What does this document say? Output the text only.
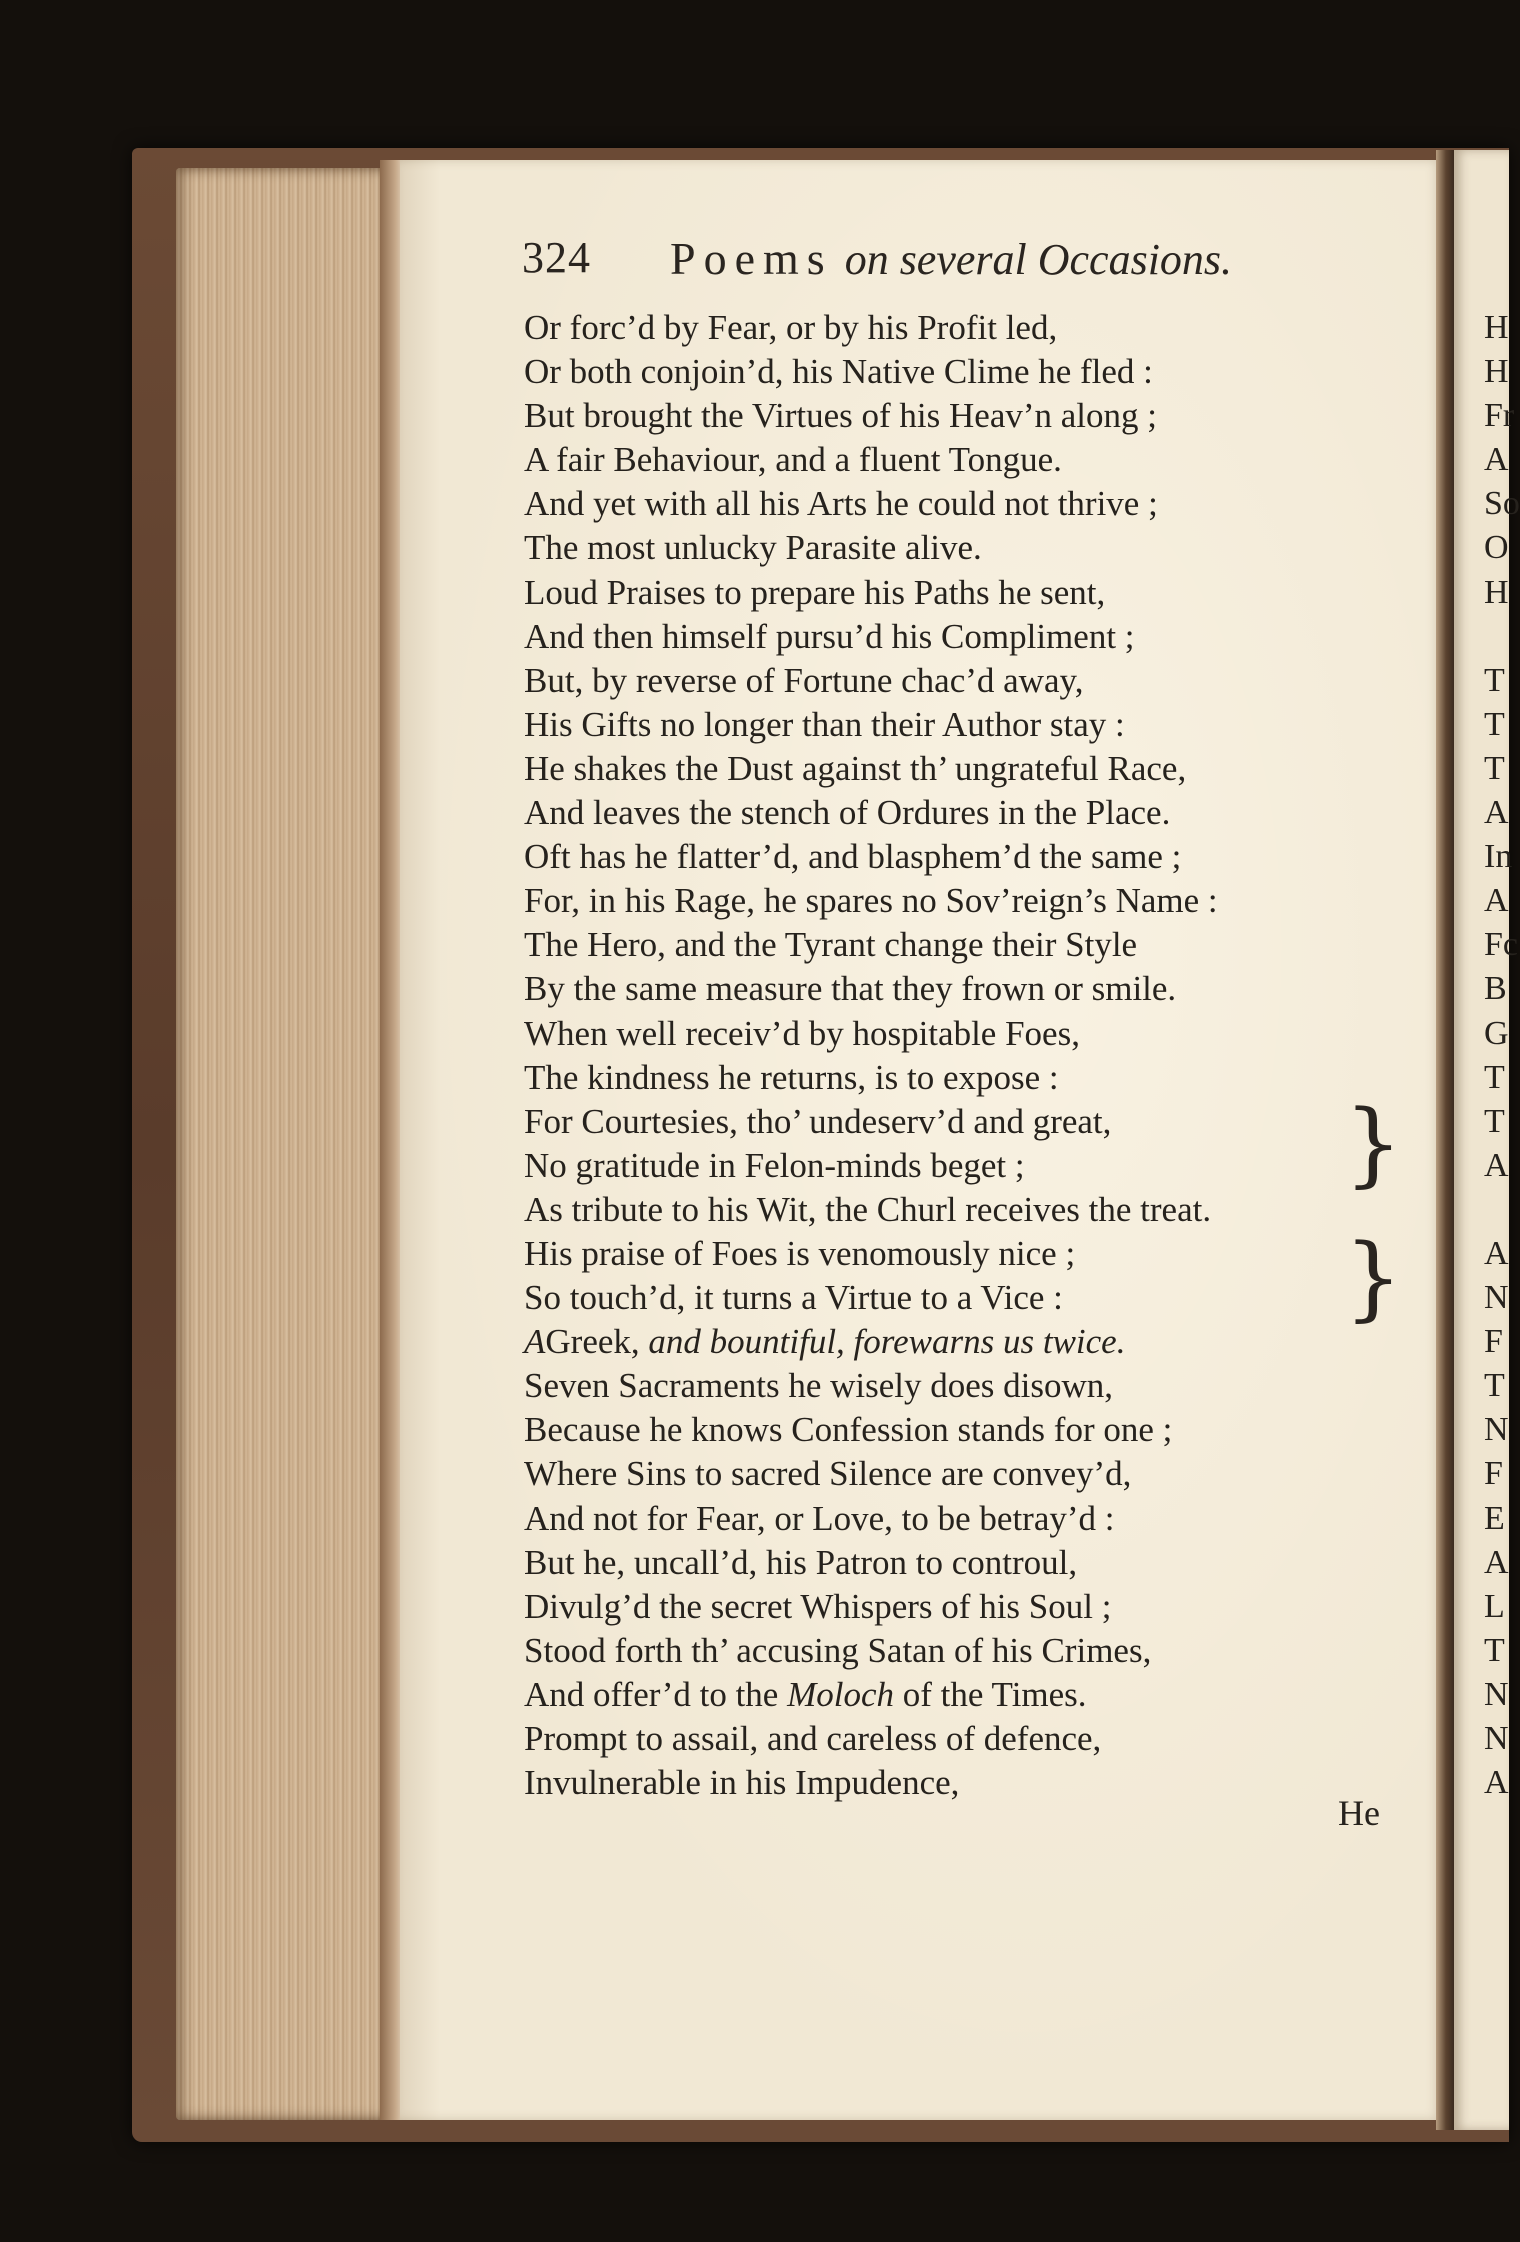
324 Poems on several Occasions.
Or forc’d by Fear, or by his Profit led,
Or both conjoin’d, his Native Clime he fled :
But brought the Virtues of his Heav’n along ;
A fair Behaviour, and a fluent Tongue.
And yet with all his Arts he could not thrive ;
The most unlucky Parasite alive.
Loud Praises to prepare his Paths he sent,
And then himself pursu’d his Compliment ;
But, by reverse of Fortune chac’d away,
His Gifts no longer than their Author stay :
He shakes the Dust against th’ ungrateful Race,
And leaves the stench of Ordures in the Place.
Oft has he flatter’d, and blasphem’d the same ;
For, in his Rage, he spares no Sov’reign’s Name :
The Hero, and the Tyrant change their Style
By the same measure that they frown or smile.
When well receiv’d by hospitable Foes,
The kindness he returns, is to expose :
For Courtesies, tho’ undeserv’d and great,
No gratitude in Felon-minds beget ;
As tribute to his Wit, the Churl receives the treat.
His praise of Foes is venomously nice ;
So touch’d, it turns a Virtue to a Vice :
AGreek, and bountiful, forewarns us twice.
Seven Sacraments he wisely does disown,
Because he knows Confession stands for one ;
Where Sins to sacred Silence are convey’d,
And not for Fear, or Love, to be betray’d :
But he, uncall’d, his Patron to controul,
Divulg’d the secret Whispers of his Soul ;
Stood forth th’ accusing Satan of his Crimes,
And offer’d to the Moloch of the Times.
Prompt to assail, and careless of defence,
Invulnerable in his Impudence,
}
}
He
H
H
Fr
A
So
O
H
T
T
T
A
In
A
Fc
B
G
T
T
A
A
N
F
T
N
F
E
A
L
T
N
N
A
